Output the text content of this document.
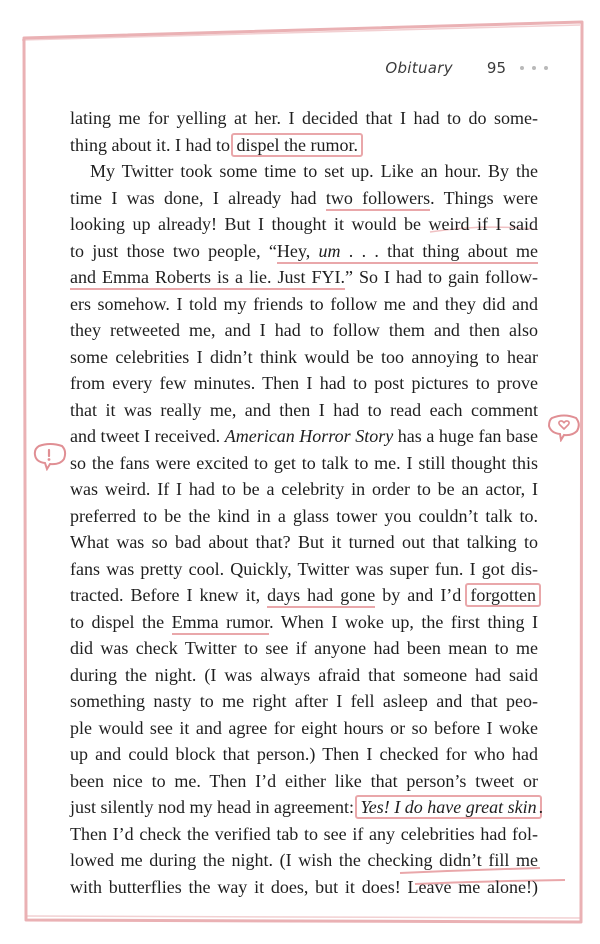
Obituary 95
lating me for yelling at her. I decided that I had to do some-
thing about it. I had to dispel the rumor.
My Twitter took some time to set up. Like an hour. By the
time I was done, I already had two followers. Things were
looking up already! But I thought it would be weird if I said
to just those two people, “Hey, um . . . that thing about me
and Emma Roberts is a lie. Just FYI.” So I had to gain follow-
ers somehow. I told my friends to follow me and they did and
they retweeted me, and I had to follow them and then also
some celebrities I didn’t think would be too annoying to hear
from every few minutes. Then I had to post pictures to prove
that it was really me, and then I had to read each comment
and tweet I received. American Horror Story has a huge fan base
so the fans were excited to get to talk to me. I still thought this
was weird. If I had to be a celebrity in order to be an actor, I
preferred to be the kind in a glass tower you couldn’t talk to.
What was so bad about that? But it turned out that talking to
fans was pretty cool. Quickly, Twitter was super fun. I got dis-
tracted. Before I knew it, days had gone by and I’d forgotten
to dispel the Emma rumor. When I woke up, the first thing I
did was check Twitter to see if anyone had been mean to me
during the night. (I was always afraid that someone had said
something nasty to me right after I fell asleep and that peo-
ple would see it and agree for eight hours or so before I woke
up and could block that person.) Then I checked for who had
been nice to me. Then I’d either like that person’s tweet or
just silently nod my head in agreement: Yes! I do have great skin .
Then I’d check the verified tab to see if any celebrities had fol-
lowed me during the night. (I wish the checking didn’t fill me
with butterflies the way it does, but it does! Leave me alone!)
